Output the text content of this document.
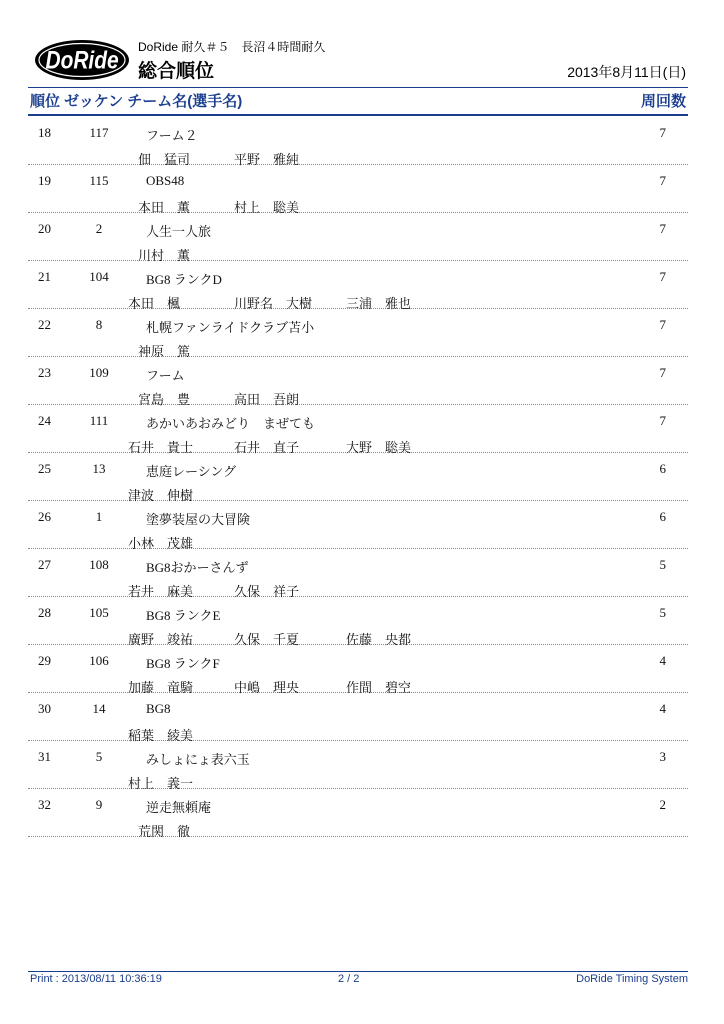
DoRide DoRide 耐久＃５　長沼４時間耐久
総合順位	2013年8月11日(日)
順位 ゼッケン チーム名(選手名)	周回数
18	117	フーム２	7
佃　猛司	平野　雅純
19	115	OBS48	7
本田　薫	村上　聡美
20	2	人生一人旅	7
川村　薫
21	104	BG8 ランクD	7
本田　楓	川野名　大樹	三浦　雅也
22	8	札幌ファンライドクラブ苫小	7
神原　篤
23	109	フーム	7
宮島　豊	高田　吾朗
24	111	あかいあおみどり　まぜても	7
石井　貴士	石井　直子	大野　聡美
25	13	恵庭レーシング	6
津波　伸樹
26	1	塗夢装屋の大冒険	6
小林　茂雄
27	108	BG8おかーさんず	5
若井　麻美	久保　祥子
28	105	BG8 ランクE	5
廣野　竣祐	久保　千夏	佐藤　央都
29	106	BG8 ランクF	4
加藤　竜騎	中嶋　理央	作間　碧空
30	14	BG8	4
稲葉　綾美
31	5	みしょにょ表六玉	3
村上　義一
32	9	逆走無頼庵	2
荒関　徹
Print : 2013/08/11 10:36:19	2 / 2	DoRide Timing System
